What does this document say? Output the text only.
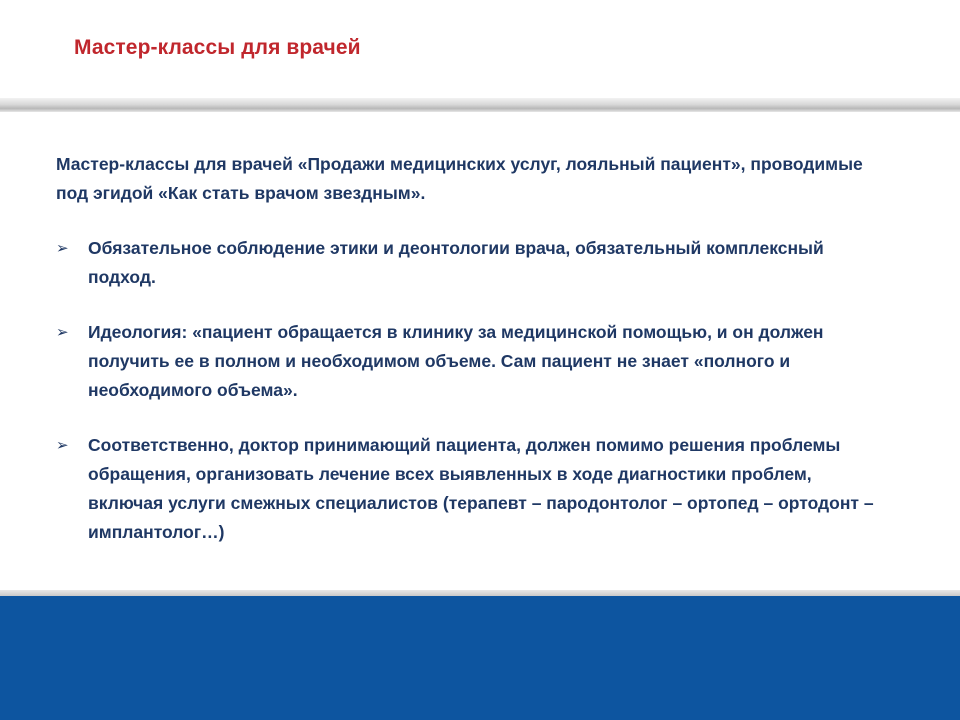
Мастер-классы для врачей

Мастер-классы для врачей «Продажи медицинских услуг, лояльный пациент», проводимые под эгидой «Как стать врачом звездным».

➢	Обязательное соблюдение этики и деонтологии врача, обязательный комплексный подход.
➢	Идеология: «пациент обращается в клинику за медицинской помощью, и он должен получить ее в полном и необходимом объеме. Сам пациент не знает «полного и необходимого объема».
➢	Соответственно, доктор принимающий пациента, должен помимо решения проблемы обращения, организовать лечение всех выявленных в ходе диагностики проблем, включая услуги смежных специалистов (терапевт – пародонтолог – ортопед – ортодонт – имплантолог…)
